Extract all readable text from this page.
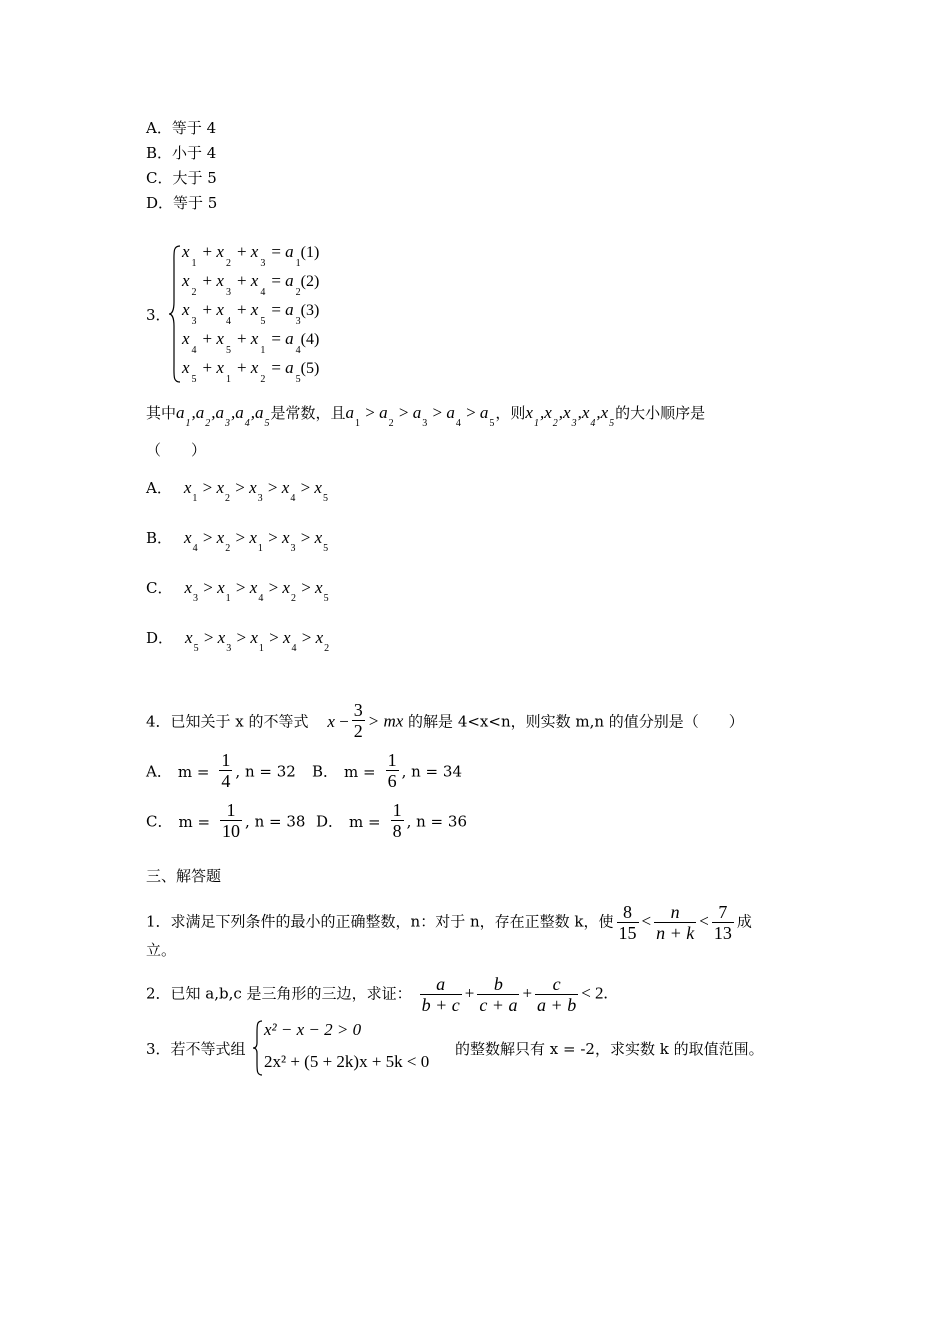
A．等于 4
B．小于 4
C．大于 5
D．等于 5
3．
$x_1+ x_2+ x_3= a_1(1)$
$x_2+ x_3+ x_4= a_2(2)$
$x_3+ x_4+ x_5= a_3(3)$
$x_4+ x_5+ x_1= a_4(4)$
$x_5+ x_1+ x_2= a_5(5)$
其中$a_1,a_2,a_3,a_4,a_5$是常数，且$a_1 > a_2 > a_3 > a_4 > a_5$，则$x_1,x_2,x_3,x_4,x_5$的大小顺序是
（　　）
A． $x_1 > x_2 > x_3 > x_4 > x_5$
B． $x_4 > x_2 > x_1 > x_3 > x_5$
C． $x_3 > x_1 > x_4 > x_2 > x_5$
D． $x_5 > x_3 > x_1 > x_4 > x_2$
4．已知关于 x 的不等式 $x - \frac{3}{2}$ > mx 的解是 4<x<n，则实数 m,n 的值分别是（　　）
A． $m = \frac{1}{4}$ , n = 32 B． $m = \frac{1}{6}$ , n = 34
C． $m = \frac{1}{10}$ , n = 38 D． $m = \frac{1}{8}$ , n = 36
三、解答题
1．求满足下列条件的最小的正确整数，n：对于 n，存在正整数 k，使 $\frac{8}{15} < \frac{n}{n + k} < \frac{7}{13}$ 成
立。
2．已知 a,b,c 是三角形的三边，求证： $\frac{a}{b + c} + \frac{b}{c + a} + \frac{c}{a + b} < 2$.
3．若不等式组
x² − x − 2 > 0
2x² + (5 + 2k)x + 5k < 0
的整数解只有 x = -2，求实数 k 的取值范围。
